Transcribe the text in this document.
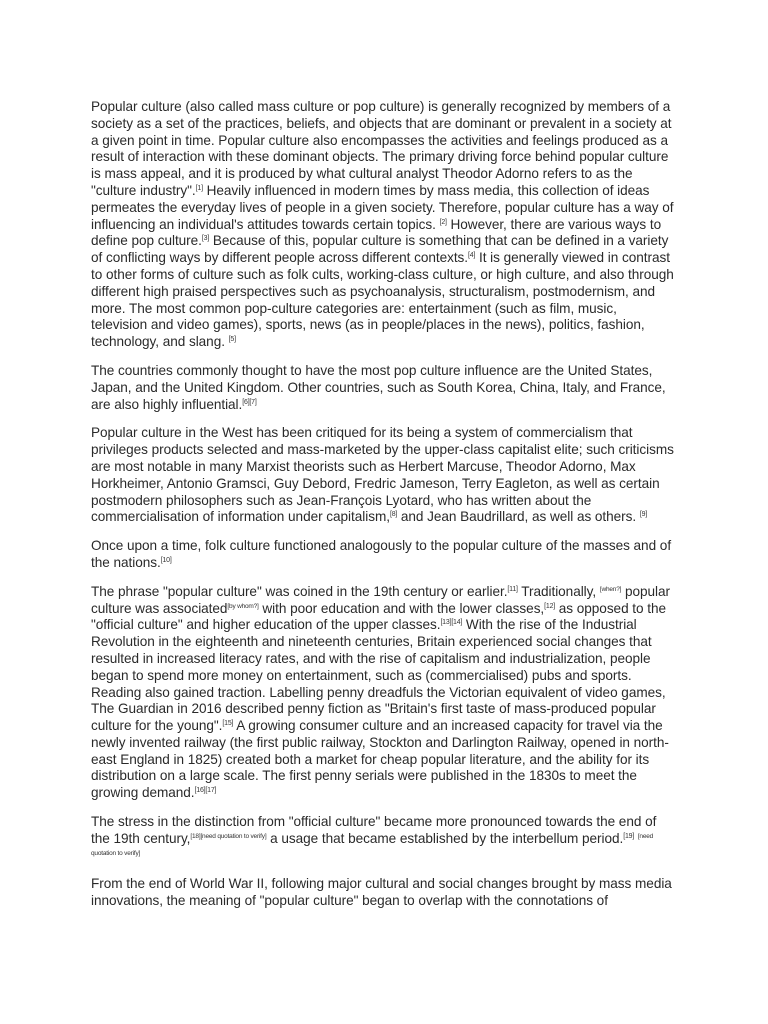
Popular culture (also called mass culture or pop culture) is generally recognized by members of a society as a set of the practices, beliefs, and objects that are dominant or prevalent in a society at a given point in time. Popular culture also encompasses the activities and feelings produced as a result of interaction with these dominant objects. The primary driving force behind popular culture is mass appeal, and it is produced by what cultural analyst Theodor Adorno refers to as the "culture industry".[1] Heavily influenced in modern times by mass media, this collection of ideas permeates the everyday lives of people in a given society. Therefore, popular culture has a way of influencing an individual's attitudes towards certain topics. [2] However, there are various ways to define pop culture.[3] Because of this, popular culture is something that can be defined in a variety of conflicting ways by different people across different contexts.[4] It is generally viewed in contrast to other forms of culture such as folk cults, working-class culture, or high culture, and also through different high praised perspectives such as psychoanalysis, structuralism, postmodernism, and more. The most common pop-culture categories are: entertainment (such as film, music, television and video games), sports, news (as in people/places in the news), politics, fashion, technology, and slang. [5]

The countries commonly thought to have the most pop culture influence are the United States, Japan, and the United Kingdom. Other countries, such as South Korea, China, Italy, and France, are also highly influential.[6][7]

Popular culture in the West has been critiqued for its being a system of commercialism that privileges products selected and mass-marketed by the upper-class capitalist elite; such criticisms are most notable in many Marxist theorists such as Herbert Marcuse, Theodor Adorno, Max Horkheimer, Antonio Gramsci, Guy Debord, Fredric Jameson, Terry Eagleton, as well as certain postmodern philosophers such as Jean-François Lyotard, who has written about the commercialisation of information under capitalism,[8] and Jean Baudrillard, as well as others. [9]

Once upon a time, folk culture functioned analogously to the popular culture of the masses and of the nations.[10]

The phrase "popular culture" was coined in the 19th century or earlier.[11] Traditionally, [when?] popular culture was associated[by whom?] with poor education and with the lower classes,[12] as opposed to the "official culture" and higher education of the upper classes.[13][14] With the rise of the Industrial Revolution in the eighteenth and nineteenth centuries, Britain experienced social changes that resulted in increased literacy rates, and with the rise of capitalism and industrialization, people began to spend more money on entertainment, such as (commercialised) pubs and sports. Reading also gained traction. Labelling penny dreadfuls the Victorian equivalent of video games, The Guardian in 2016 described penny fiction as "Britain's first taste of mass-produced popular culture for the young".[15] A growing consumer culture and an increased capacity for travel via the newly invented railway (the first public railway, Stockton and Darlington Railway, opened in north-east England in 1825) created both a market for cheap popular literature, and the ability for its distribution on a large scale. The first penny serials were published in the 1830s to meet the growing demand.[16][17]

The stress in the distinction from "official culture" became more pronounced towards the end of the 19th century,[18][need quotation to verify] a usage that became established by the interbellum period.[19] [need quotation to verify]

From the end of World War II, following major cultural and social changes brought by mass media innovations, the meaning of "popular culture" began to overlap with the connotations of
